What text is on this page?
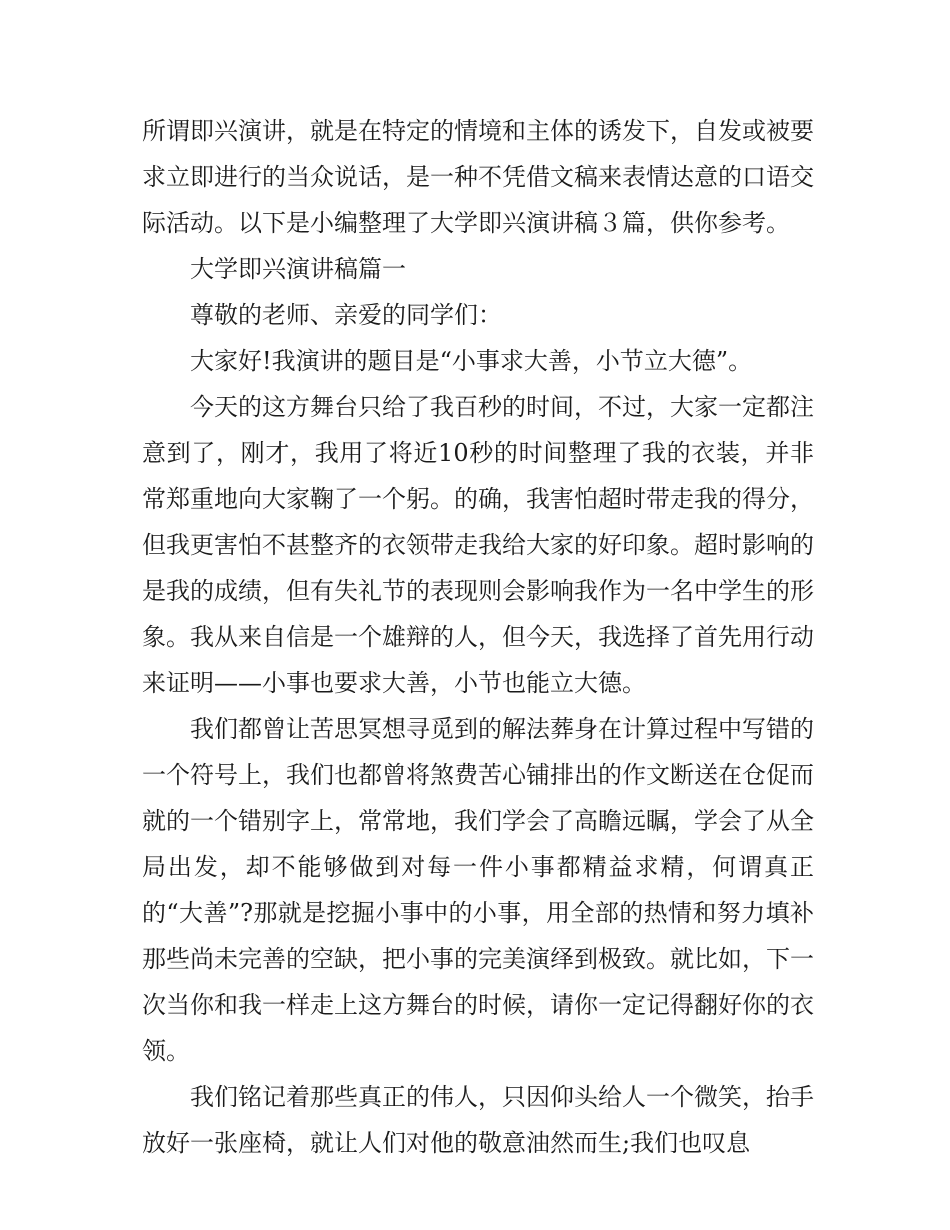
所谓即兴演讲，就是在特定的情境和主体的诱发下，自发或被要求立即进行的当众说话，是一种不凭借文稿来表情达意的口语交际活动。以下是小编整理了大学即兴演讲稿３篇，供你参考。

大学即兴演讲稿篇一

尊敬的老师、亲爱的同学们：

大家好!我演讲的题目是“小事求大善，小节立大德”。

今天的这方舞台只给了我百秒的时间，不过，大家一定都注意到了，刚才，我用了将近10秒的时间整理了我的衣装，并非常郑重地向大家鞠了一个躬。的确，我害怕超时带走我的得分，但我更害怕不甚整齐的衣领带走我给大家的好印象。超时影响的是我的成绩，但有失礼节的表现则会影响我作为一名中学生的形象。我从来自信是一个雄辩的人，但今天，我选择了首先用行动来证明——小事也要求大善，小节也能立大德。

我们都曾让苦思冥想寻觅到的解法葬身在计算过程中写错的一个符号上，我们也都曾将煞费苦心铺排出的作文断送在仓促而就的一个错别字上，常常地，我们学会了高瞻远瞩，学会了从全局出发，却不能够做到对每一件小事都精益求精，何谓真正的“大善”?那就是挖掘小事中的小事，用全部的热情和努力填补那些尚未完善的空缺，把小事的完美演绎到极致。就比如，下一次当你和我一样走上这方舞台的时候，请你一定记得翻好你的衣领。

我们铭记着那些真正的伟人，只因仰头给人一个微笑，抬手放好一张座椅，就让人们对他的敬意油然而生;我们也叹息
